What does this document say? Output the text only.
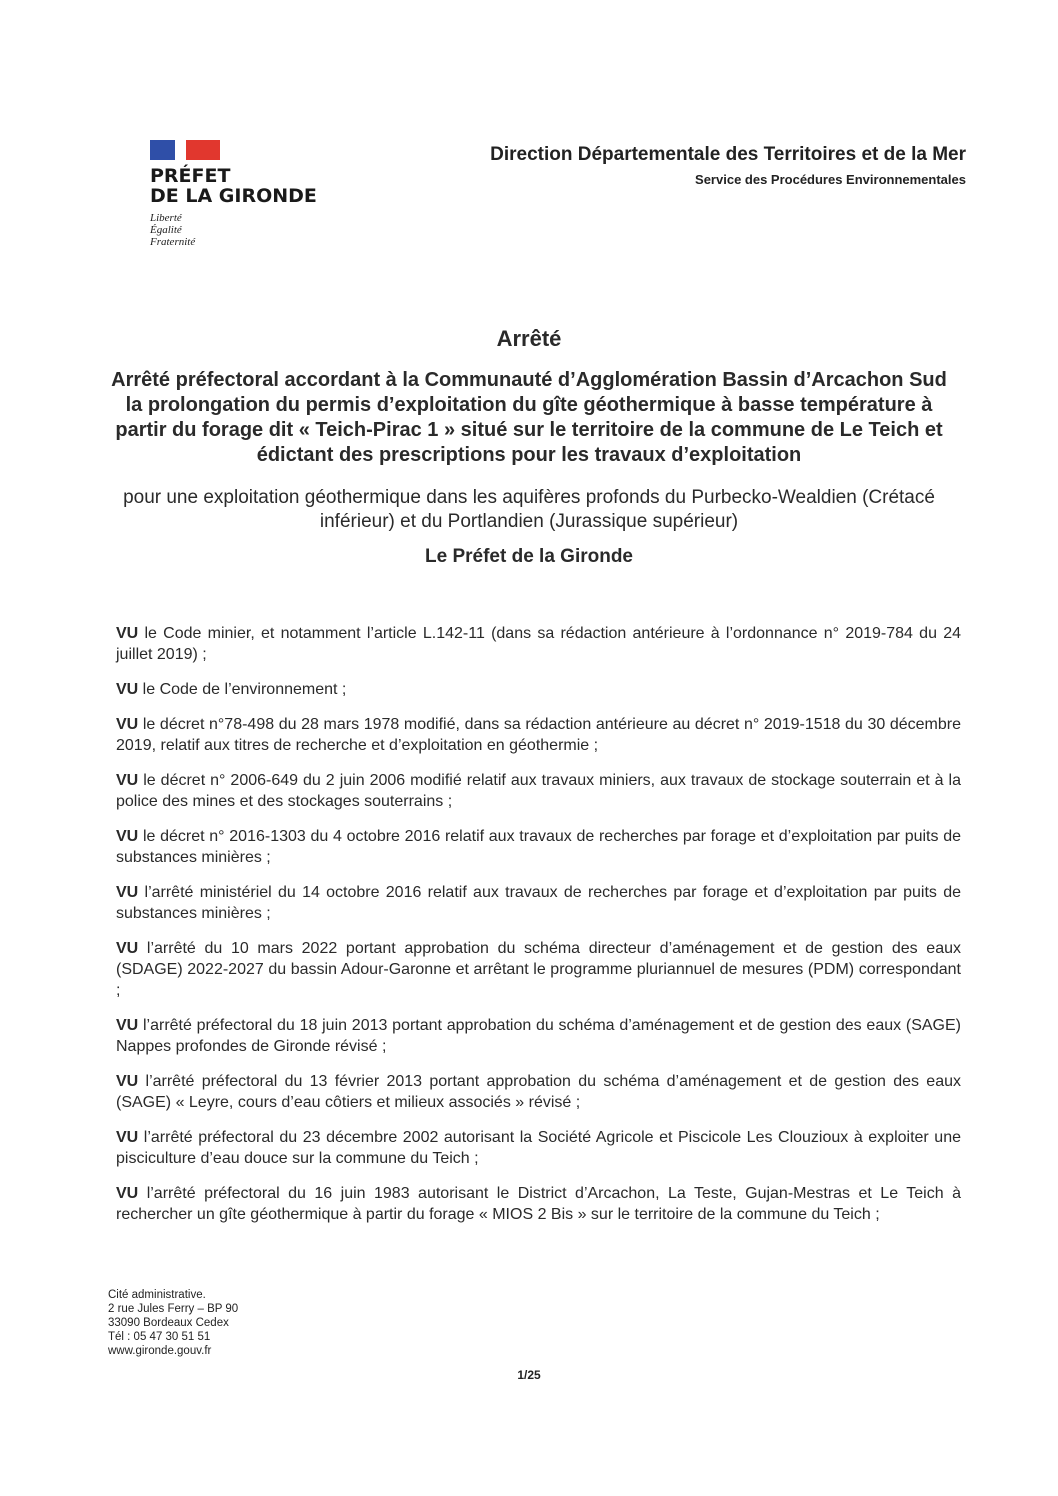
PRÉFET
DE LA GIRONDE
Liberté
Égalité
Fraternité
Direction Départementale des Territoires et de la Mer
Service des Procédures Environnementales
Arrêté
Arrêté préfectoral accordant à la Communauté d’Agglomération Bassin d’Arcachon Sud la prolongation du permis d’exploitation du gîte géothermique à basse température à partir du forage dit « Teich-Pirac 1 » situé sur le territoire de la commune de Le Teich et édictant des prescriptions pour les travaux d’exploitation
pour une exploitation géothermique dans les aquifères profonds du Purbecko-Wealdien (Crétacé inférieur) et du Portlandien (Jurassique supérieur)
Le Préfet de la Gironde

VU le Code minier, et notamment l’article L.142-11 (dans sa rédaction antérieure à l’ordonnance n° 2019-784 du 24 juillet 2019) ;

VU le Code de l’environnement ;

VU le décret n°78-498 du 28 mars 1978 modifié, dans sa rédaction antérieure au décret n° 2019-1518 du 30 décembre 2019, relatif aux titres de recherche et d’exploitation en géothermie ;

VU le décret n° 2006-649 du 2 juin 2006 modifié relatif aux travaux miniers, aux travaux de stockage souterrain et à la police des mines et des stockages souterrains ;

VU le décret n° 2016-1303 du 4 octobre 2016 relatif aux travaux de recherches par forage et d’exploitation par puits de substances minières ;

VU l’arrêté ministériel du 14 octobre 2016 relatif aux travaux de recherches par forage et d’exploitation par puits de substances minières ;

VU l’arrêté du 10 mars 2022 portant approbation du schéma directeur d’aménagement et de gestion des eaux (SDAGE) 2022-2027 du bassin Adour-Garonne et arrêtant le programme pluriannuel de mesures (PDM) correspondant ;

VU l’arrêté préfectoral du 18 juin 2013 portant approbation du schéma d’aménagement et de gestion des eaux (SAGE) Nappes profondes de Gironde révisé ;

VU l’arrêté préfectoral du 13 février 2013 portant approbation du schéma d’aménagement et de gestion des eaux (SAGE) « Leyre, cours d’eau côtiers et milieux associés » révisé ;

VU l’arrêté préfectoral du 23 décembre 2002 autorisant la Société Agricole et Piscicole Les Clouzioux à exploiter une pisciculture d’eau douce sur la commune du Teich ;

VU l’arrêté préfectoral du 16 juin 1983 autorisant le District d’Arcachon, La Teste, Gujan-Mestras et Le Teich à rechercher un gîte géothermique à partir du forage « MIOS 2 Bis » sur le territoire de la commune du Teich ;

Cité administrative.
2 rue Jules Ferry – BP 90
33090 Bordeaux Cedex
Tél : 05 47 30 51 51
www.gironde.gouv.fr
1/25
